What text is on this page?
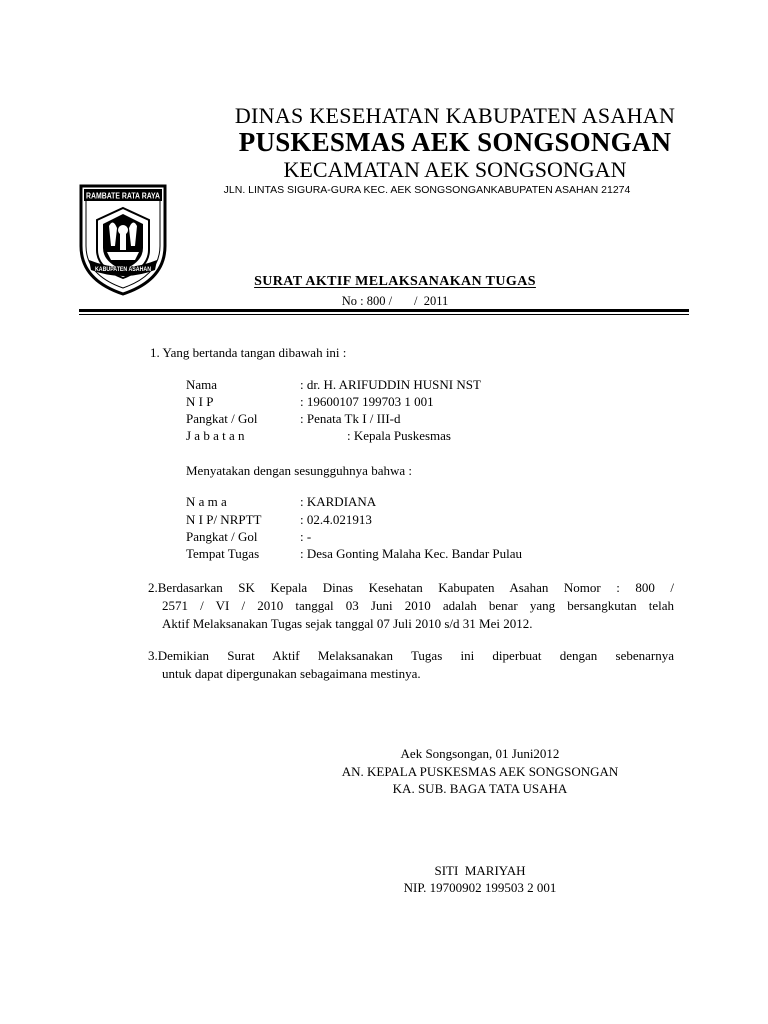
RAMBATE RATA RAYA
KABUPATEN ASAHAN
DINAS KESEHATAN KABUPATEN ASAHAN
PUSKESMAS AEK SONGSONGAN
KECAMATAN AEK SONGSONGAN
JLN. LINTAS SIGURA-GURA KEC. AEK SONGSONGANKABUPATEN ASAHAN 21274
SURAT AKTIF MELAKSANAKAN TUGAS
No : 800 /       /  2011
1. Yang bertanda tangan dibawah ini :
Nama	: dr. H. ARIFUDDIN HUSNI NST
N I P	: 19600107 199703 1 001
Pangkat / Gol	: Penata Tk I / III-d
J a b a t a n	: Kepala Puskesmas
Menyatakan dengan sesungguhnya bahwa :
N a m a	: KARDIANA
N I P/ NRPTT	: 02.4.021913
Pangkat / Gol	: -
Tempat Tugas	: Desa Gonting Malaha Kec. Bandar Pulau
2.Berdasarkan SK Kepala Dinas Kesehatan Kabupaten Asahan Nomor : 800 /
2571 / VI / 2010 tanggal 03 Juni 2010 adalah benar yang bersangkutan telah
Aktif Melaksanakan Tugas sejak tanggal 07 Juli 2010 s/d 31 Mei 2012.
3.Demikian Surat Aktif Melaksanakan Tugas ini diperbuat dengan sebenarnya
untuk dapat dipergunakan sebagaimana mestinya.
Aek Songsongan, 01 Juni2012
AN. KEPALA PUSKESMAS AEK SONGSONGAN
KA. SUB. BAGA TATA USAHA
SITI  MARIYAH
NIP. 19700902 199503 2 001
